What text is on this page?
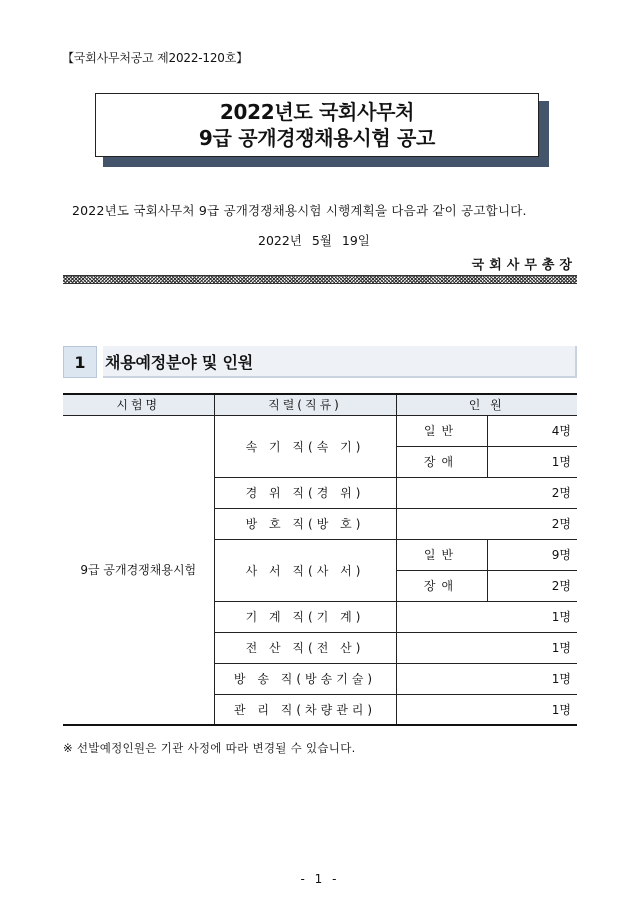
【국회사무처공고 제2022-120호】
2022년도 국회사무처
9급 공개경쟁채용시험 공고
2022년도 국회사무처 9급 공개경쟁채용시험 시행계획을 다음과 같이 공고합니다.
2022년 5월 19일
국회사무총장
1	채용예정분야 및 인원
시험명	직렬(직류)	인 원	
9급 공개경쟁채용시험	속 기 직(속 기)	일반	4명
		장애	1명
	경 위 직(경 위)	2명	
	방 호 직(방 호)	2명	
	사 서 직(사 서)	일반	9명
		장애	2명
	기 계 직(기 계)	1명	
	전 산 직(전 산)	1명	
	방 송 직(방송기술)	1명	
	관 리 직(차량관리)	1명	
※ 선발예정인원은 기관 사정에 따라 변경될 수 있습니다.
- 1 -
